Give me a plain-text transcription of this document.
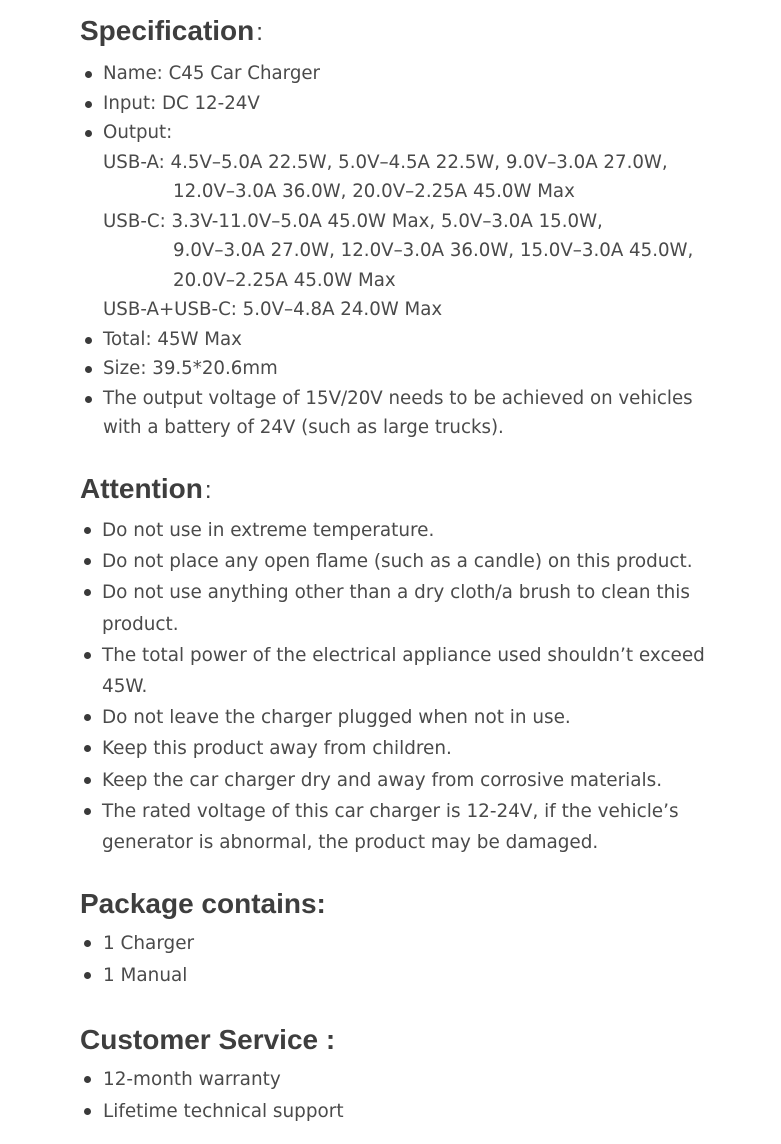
Specification:
Name: C45 Car Charger
Input: DC 12-24V
Output:
USB-A: 4.5V–5.0A 22.5W, 5.0V–4.5A 22.5W, 9.0V–3.0A 27.0W,
12.0V–3.0A 36.0W, 20.0V–2.25A 45.0W Max
USB-C: 3.3V-11.0V–5.0A 45.0W Max, 5.0V–3.0A 15.0W,
9.0V–3.0A 27.0W, 12.0V–3.0A 36.0W, 15.0V–3.0A 45.0W,
20.0V–2.25A 45.0W Max
USB-A+USB-C: 5.0V–4.8A 24.0W Max
Total: 45W Max
Size: 39.5*20.6mm
The output voltage of 15V/20V needs to be achieved on vehicles
with a battery of 24V (such as large trucks).
Attention:
Do not use in extreme temperature.
Do not place any open flame (such as a candle) on this product.
Do not use anything other than a dry cloth/a brush to clean this
product.
The total power of the electrical appliance used shouldn’t exceed
45W.
Do not leave the charger plugged when not in use.
Keep this product away from children.
Keep the car charger dry and away from corrosive materials.
The rated voltage of this car charger is 12-24V, if the vehicle’s
generator is abnormal, the product may be damaged.
Package contains:
1 Charger
1 Manual
Customer Service :
12-month warranty
Lifetime technical support
